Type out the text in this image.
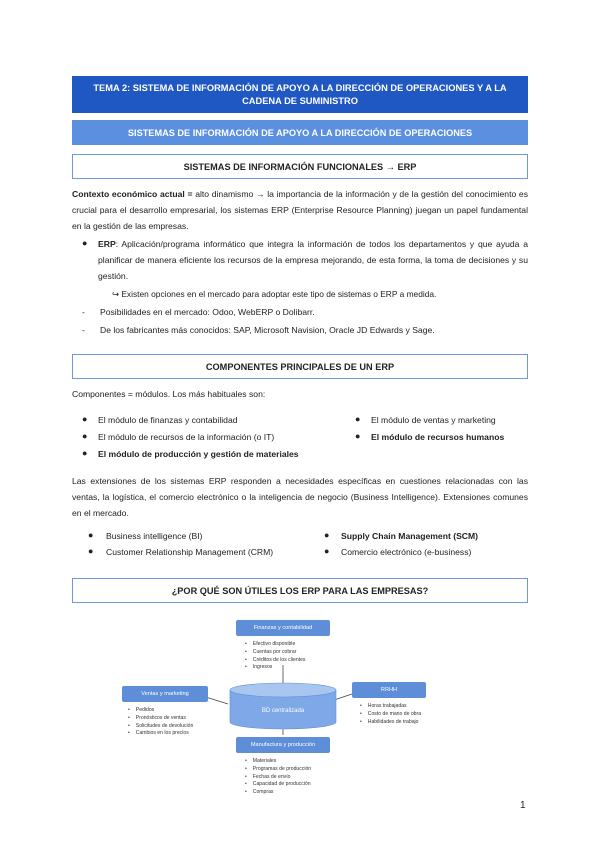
TEMA 2: SISTEMA DE INFORMACIÓN DE APOYO A LA DIRECCIÓN DE OPERACIONES Y A LA CADENA DE SUMINISTRO
SISTEMAS DE INFORMACIÓN DE APOYO A LA DIRECCIÓN DE OPERACIONES
SISTEMAS DE INFORMACIÓN FUNCIONALES → ERP
Contexto económico actual = alto dinamismo → la importancia de la información y de la gestión del conocimiento es crucial para el desarrollo empresarial, los sistemas ERP (Enterprise Resource Planning) juegan un papel fundamental en la gestión de las empresas.
● ERP: Aplicación/programa informático que integra la información de todos los departamentos y que ayuda a planificar de manera eficiente los recursos de la empresa mejorando, de esta forma, la toma de decisiones y su gestión.
↪ Existen opciones en el mercado para adoptar este tipo de sistemas o ERP a medida.
- Posibilidades en el mercado: Odoo, WebERP o Dolibarr.
- De los fabricantes más conocidos: SAP, Microsoft Navision, Oracle JD Edwards y Sage.
COMPONENTES PRINCIPALES DE UN ERP
Componentes = módulos. Los más habituales son:
● El módulo de finanzas y contabilidad
● El módulo de recursos de la información (o IT)
● El módulo de producción y gestión de materiales
● El módulo de ventas y marketing
● El módulo de recursos humanos
Las extensiones de los sistemas ERP responden a necesidades específicas en cuestiones relacionadas con las ventas, la logística, el comercio electrónico o la inteligencia de negocio (Business Intelligence). Extensiones comunes en el mercado.
● Business intelligence (BI)
● Customer Relationship Management (CRM)
● Supply Chain Management (SCM)
● Comercio electrónico (e-business)
¿POR QUÉ SON ÚTILES LOS ERP PARA LAS EMPRESAS?
BD centralizada
Finanzas y contabilidad
• Efectivo disponible
• Cuentas por cobrar
• Créditos de los clientes
• Ingresos
Ventas y marketing
• Pedidos
• Pronósticos de ventas
• Solicitudes de devolución
• Cambios en los precios
RRHH
• Horas trabajadas
• Costo de mano de obra
• Habilidades de trabajo
Manufactura y producción
• Materiales
• Programas de producción
• Fechas de envío
• Capacidad de producción
• Compras
1
